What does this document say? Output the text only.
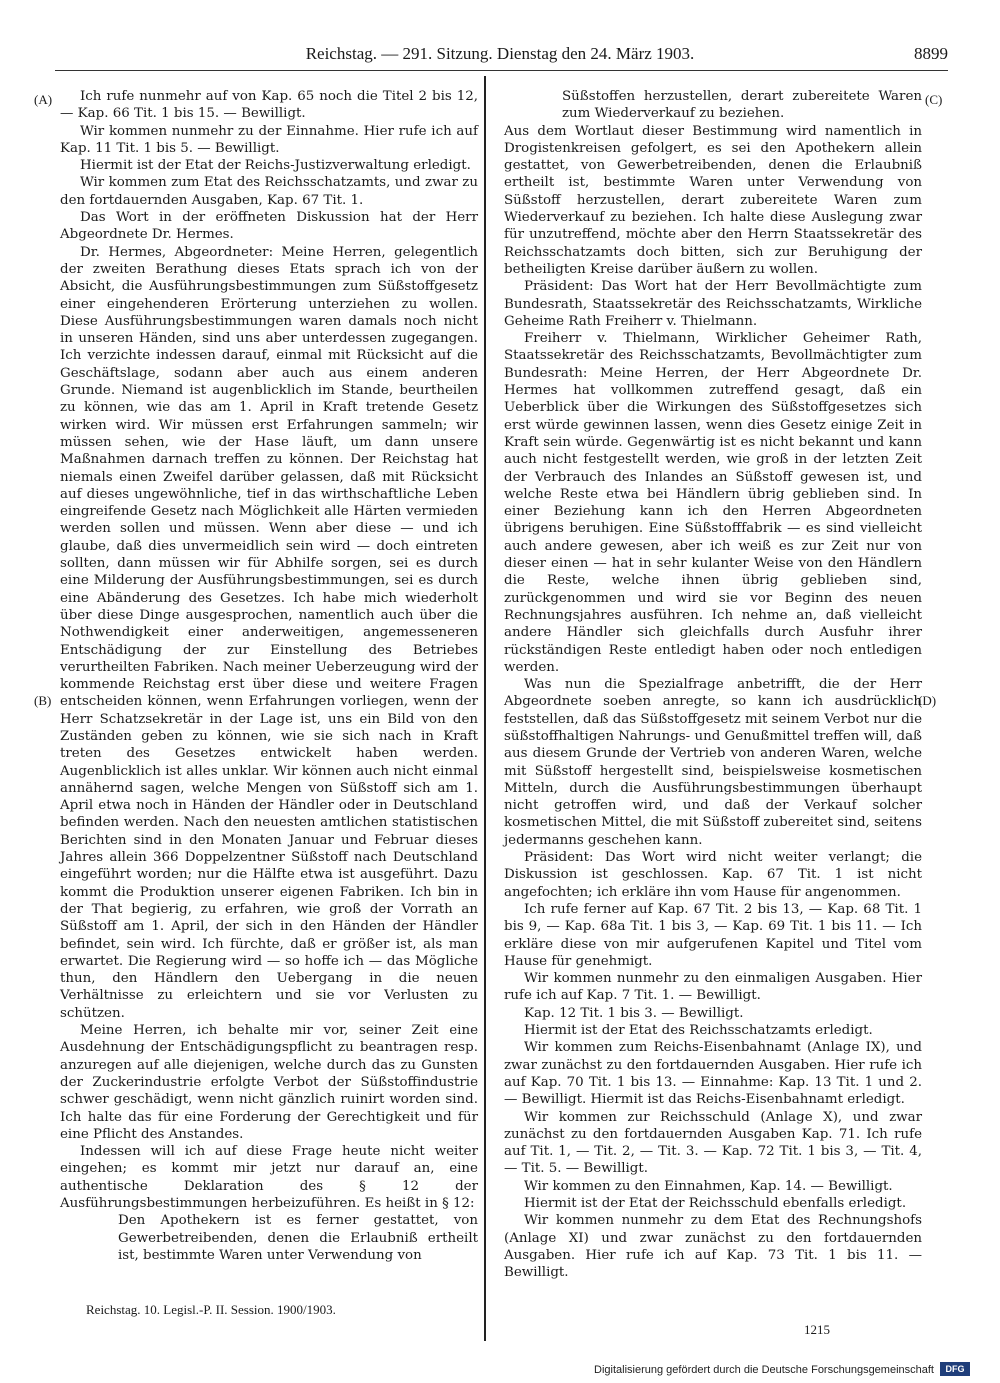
Reichstag. — 291. Sitzung. Dienstag den 24. März 1903.	8899
(A)
(B)
(C)
(D)

Ich rufe nunmehr auf von Kap. 65 noch die Titel 2 bis 12, — Kap. 66 Tit. 1 bis 15. — Bewilligt.

Wir kommen nunmehr zu der Einnahme. Hier rufe ich auf Kap. 11 Tit. 1 bis 5. — Bewilligt.

Hiermit ist der Etat der Reichs-Justizverwaltung erledigt.

Wir kommen zum Etat des Reichsschatzamts, und zwar zu den fortdauernden Ausgaben, Kap. 67 Tit. 1.

Das Wort in der eröffneten Diskussion hat der Herr Abgeordnete Dr. Hermes.

Dr. Hermes, Abgeordneter: Meine Herren, gelegentlich der zweiten Berathung dieses Etats sprach ich von der Absicht, die Ausführungsbestimmungen zum Süßstoffgesetz einer eingehenderen Erörterung unterziehen zu wollen. Diese Ausführungsbestimmungen waren damals noch nicht in unseren Händen, sind uns aber unterdessen zugegangen. Ich verzichte indessen darauf, einmal mit Rücksicht auf die Geschäftslage, sodann aber auch aus einem anderen Grunde. Niemand ist augenblicklich im Stande, beurtheilen zu können, wie das am 1. April in Kraft tretende Gesetz wirken wird. Wir müssen erst Erfahrungen sammeln; wir müssen sehen, wie der Hase läuft, um dann unsere Maßnahmen darnach treffen zu können. Der Reichstag hat niemals einen Zweifel darüber gelassen, daß mit Rücksicht auf dieses ungewöhnliche, tief in das wirthschaftliche Leben eingreifende Gesetz nach Möglichkeit alle Härten vermieden werden sollen und müssen. Wenn aber diese — und ich glaube, daß dies unvermeidlich sein wird — doch eintreten sollten, dann müssen wir für Abhilfe sorgen, sei es durch eine Milderung der Ausführungsbestimmungen, sei es durch eine Abänderung des Gesetzes. Ich habe mich wiederholt über diese Dinge ausgesprochen, namentlich auch über die Nothwendigkeit einer anderweitigen, angemesseneren Entschädigung der zur Einstellung des Betriebes verurtheilten Fabriken. Nach meiner Ueberzeugung wird der kommende Reichstag erst über diese und weitere Fragen entscheiden können, wenn Erfahrungen vorliegen, wenn der Herr Schatzsekretär in der Lage ist, uns ein Bild von den Zuständen geben zu können, wie sie sich nach in Kraft treten des Gesetzes entwickelt haben werden. Augenblicklich ist alles unklar. Wir können auch nicht einmal annähernd sagen, welche Mengen von Süßstoff sich am 1. April etwa noch in Händen der Händler oder in Deutschland befinden werden. Nach den neuesten amtlichen statistischen Berichten sind in den Monaten Januar und Februar dieses Jahres allein 366 Doppelzentner Süßstoff nach Deutschland eingeführt worden; nur die Hälfte etwa ist ausgeführt. Dazu kommt die Produktion unserer eigenen Fabriken. Ich bin in der That begierig, zu erfahren, wie groß der Vorrath an Süßstoff am 1. April, der sich in den Händen der Händler befindet, sein wird. Ich fürchte, daß er größer ist, als man erwartet. Die Regierung wird — so hoffe ich — das Mögliche thun, den Händlern den Uebergang in die neuen Verhältnisse zu erleichtern und sie vor Verlusten zu schützen.

Meine Herren, ich behalte mir vor, seiner Zeit eine Ausdehnung der Entschädigungspflicht zu beantragen resp. anzuregen auf alle diejenigen, welche durch das zu Gunsten der Zuckerindustrie erfolgte Verbot der Süßstoffindustrie schwer geschädigt, wenn nicht gänzlich ruinirt worden sind. Ich halte das für eine Forderung der Gerechtigkeit und für eine Pflicht des Anstandes.

Indessen will ich auf diese Frage heute nicht weiter eingehen; es kommt mir jetzt nur darauf an, eine authentische Deklaration des § 12 der Ausführungsbestimmungen herbeizuführen. Es heißt in § 12:

Den Apothekern ist es ferner gestattet, von Gewerbetreibenden, denen die Erlaubniß ertheilt ist, bestimmte Waren unter Verwendung von

Süßstoffen herzustellen, derart zubereitete Waren zum Wiederverkauf zu beziehen.

Aus dem Wortlaut dieser Bestimmung wird namentlich in Drogistenkreisen gefolgert, es sei den Apothekern allein gestattet, von Gewerbetreibenden, denen die Erlaubniß ertheilt ist, bestimmte Waren unter Verwendung von Süßstoff herzustellen, derart zubereitete Waren zum Wiederverkauf zu beziehen. Ich halte diese Auslegung zwar für unzutreffend, möchte aber den Herrn Staatssekretär des Reichsschatzamts doch bitten, sich zur Beruhigung der betheiligten Kreise darüber äußern zu wollen.

Präsident: Das Wort hat der Herr Bevollmächtigte zum Bundesrath, Staatssekretär des Reichsschatzamts, Wirkliche Geheime Rath Freiherr v. Thielmann.

Freiherr v. Thielmann, Wirklicher Geheimer Rath, Staatssekretär des Reichsschatzamts, Bevollmächtigter zum Bundesrath: Meine Herren, der Herr Abgeordnete Dr. Hermes hat vollkommen zutreffend gesagt, daß ein Ueberblick über die Wirkungen des Süßstoffgesetzes sich erst würde gewinnen lassen, wenn dies Gesetz einige Zeit in Kraft sein würde. Gegenwärtig ist es nicht bekannt und kann auch nicht festgestellt werden, wie groß in der letzten Zeit der Verbrauch des Inlandes an Süßstoff gewesen ist, und welche Reste etwa bei Händlern übrig geblieben sind. In einer Beziehung kann ich den Herren Abgeordneten übrigens beruhigen. Eine Süßstofffabrik — es sind vielleicht auch andere gewesen, aber ich weiß es zur Zeit nur von dieser einen — hat in sehr kulanter Weise von den Händlern die Reste, welche ihnen übrig geblieben sind, zurückgenommen und wird sie vor Beginn des neuen Rechnungsjahres ausführen. Ich nehme an, daß vielleicht andere Händler sich gleichfalls durch Ausfuhr ihrer rückständigen Reste entledigt haben oder noch entledigen werden.

Was nun die Spezialfrage anbetrifft, die der Herr Abgeordnete soeben anregte, so kann ich ausdrücklich feststellen, daß das Süßstoffgesetz mit seinem Verbot nur die süßstoffhaltigen Nahrungs- und Genußmittel treffen will, daß aus diesem Grunde der Vertrieb von anderen Waren, welche mit Süßstoff hergestellt sind, beispielsweise kosmetischen Mitteln, durch die Ausführungsbestimmungen überhaupt nicht getroffen wird, und daß der Verkauf solcher kosmetischen Mittel, die mit Süßstoff zubereitet sind, seitens jedermanns geschehen kann.

Präsident: Das Wort wird nicht weiter verlangt; die Diskussion ist geschlossen. Kap. 67 Tit. 1 ist nicht angefochten; ich erkläre ihn vom Hause für angenommen.

Ich rufe ferner auf Kap. 67 Tit. 2 bis 13, — Kap. 68 Tit. 1 bis 9, — Kap. 68a Tit. 1 bis 3, — Kap. 69 Tit. 1 bis 11. — Ich erkläre diese von mir aufgerufenen Kapitel und Titel vom Hause für genehmigt.

Wir kommen nunmehr zu den einmaligen Ausgaben. Hier rufe ich auf Kap. 7 Tit. 1. — Bewilligt.

Kap. 12 Tit. 1 bis 3. — Bewilligt.

Hiermit ist der Etat des Reichsschatzamts erledigt.

Wir kommen zum Reichs-Eisenbahnamt (Anlage IX), und zwar zunächst zu den fortdauernden Ausgaben. Hier rufe ich auf Kap. 70 Tit. 1 bis 13. — Einnahme: Kap. 13 Tit. 1 und 2. — Bewilligt. Hiermit ist das Reichs-Eisenbahnamt erledigt.

Wir kommen zur Reichsschuld (Anlage X), und zwar zunächst zu den fortdauernden Ausgaben Kap. 71. Ich rufe auf Tit. 1, — Tit. 2, — Tit. 3. — Kap. 72 Tit. 1 bis 3, — Tit. 4, — Tit. 5. — Bewilligt.

Wir kommen zu den Einnahmen, Kap. 14. — Bewilligt.

Hiermit ist der Etat der Reichsschuld ebenfalls erledigt.

Wir kommen nunmehr zu dem Etat des Rechnungshofs (Anlage XI) und zwar zunächst zu den fortdauernden Ausgaben. Hier rufe ich auf Kap. 73 Tit. 1 bis 11. — Bewilligt.

Reichstag. 10. Legisl.-P. II. Session. 1900/1903.
1215
Digitalisierung gefördert durch die Deutsche Forschungsgemeinschaft	DFG
